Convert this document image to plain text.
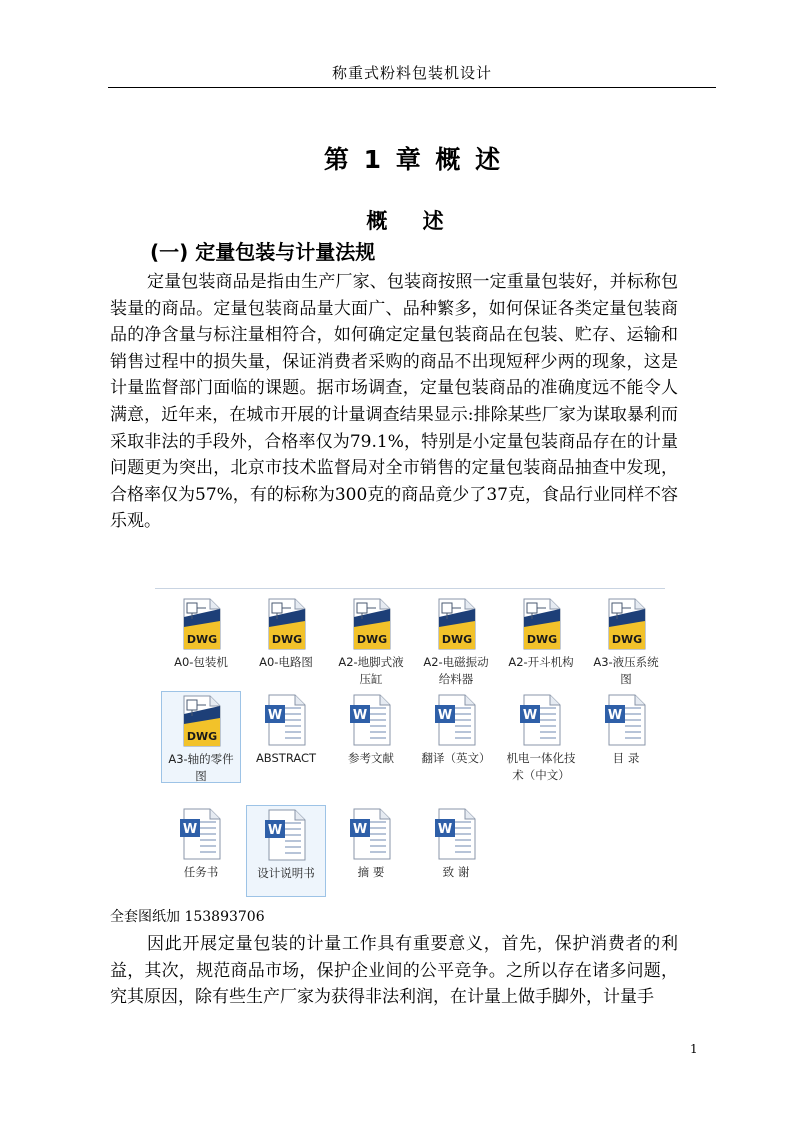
称重式粉料包装机设计
第 1 章 概 述
概 述
(一) 定量包装与计量法规

定量包装商品是指由生产厂家、包装商按照一定重量包装好，并标称包装量的商品。定量包装商品量大面广、品种繁多，如何保证各类定量包装商品的净含量与标注量相符合，如何确定定量包装商品在包装、贮存、运输和销售过程中的损失量，保证消费者采购的商品不出现短秤少两的现象，这是计量监督部门面临的课题。据市场调查，定量包装商品的准确度远不能令人满意，近年来，在城市开展的计量调查结果显示:排除某些厂家为谋取暴利而采取非法的手段外，合格率仅为79.1%，特别是小定量包装商品存在的计量问题更为突出，北京市技术监督局对全市销售的定量包装商品抽查中发现，合格率仅为57%，有的标称为300克的商品竟少了37克，食品行业同样不容乐观。

DWG
A0-包装机
DWG
A0-电路图
DWG
A2-地脚式液压缸
DWG
A2-电磁振动给料器
DWG
A2-开斗机构
DWG
A3-液压系统图
DWG
A3-轴的零件图
W
ABSTRACT
W
参考文献
W
翻译（英文）
W
机电一体化技术（中文）
W
目 录
W
任务书
W
设计说明书
W
摘 要
W
致 谢
全套图纸加 153893706

因此开展定量包装的计量工作具有重要意义，首先，保护消费者的利益，其次，规范商品市场，保护企业间的公平竞争。之所以存在诸多问题，究其原因，除有些生产厂家为获得非法利润，在计量上做手脚外，计量手

1
